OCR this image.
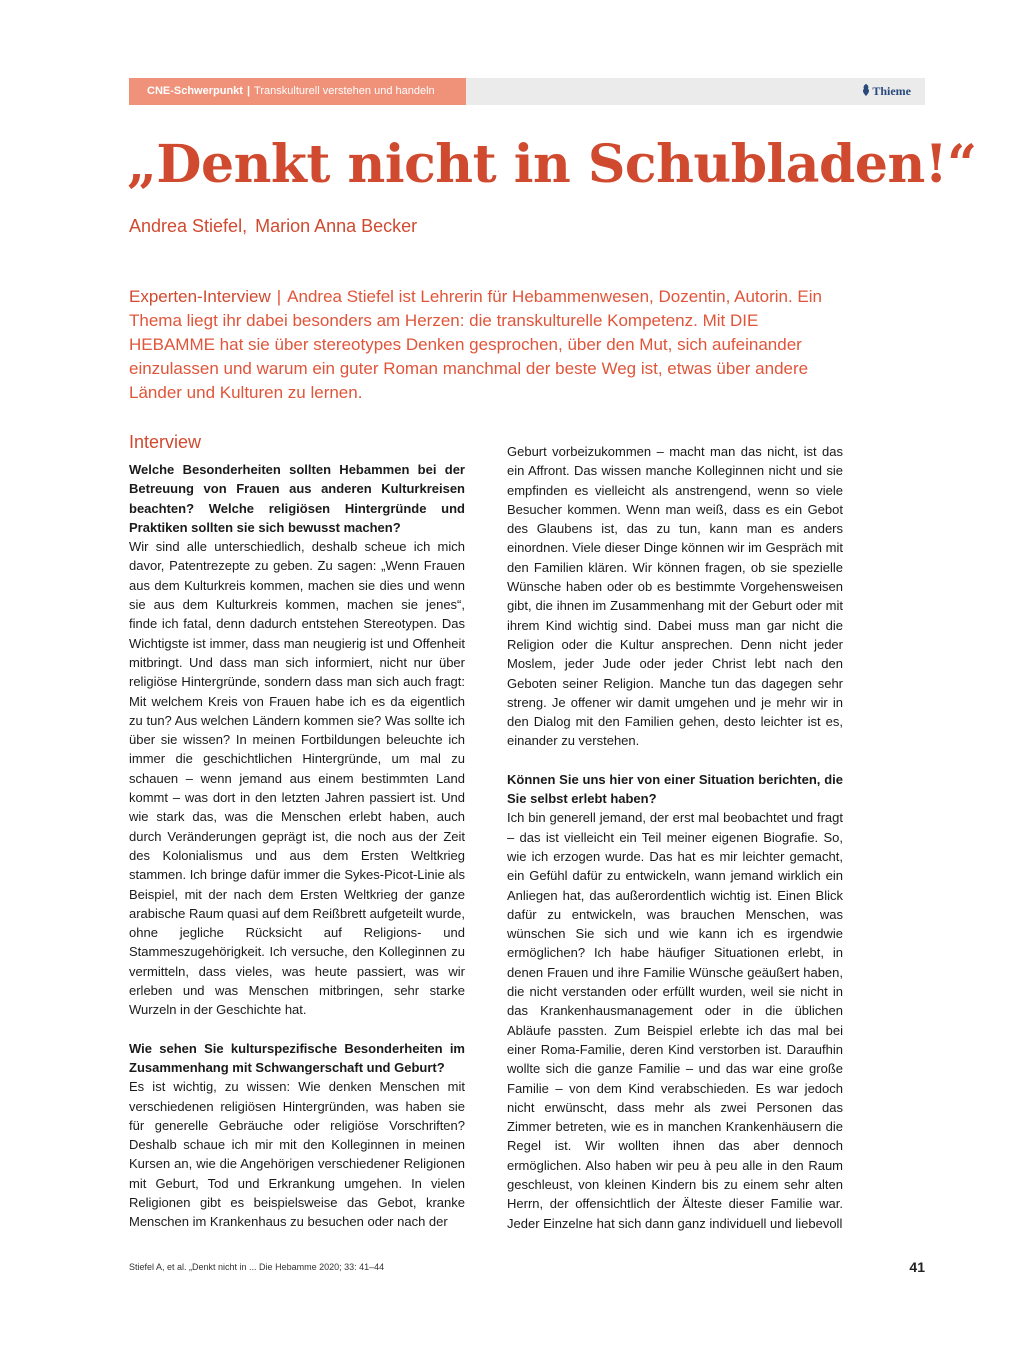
CNE-Schwerpunkt | Transkulturell verstehen und handeln	Thieme
„Denkt nicht in Schubladen!“
Andrea Stiefel, Marion Anna Becker
Experten-Interview | Andrea Stiefel ist Lehrerin für Hebammenwesen, Dozentin, Autorin. Ein Thema liegt ihr dabei besonders am Herzen: die transkulturelle Kompetenz. Mit DIE HEBAMME hat sie über stereotypes Denken gesprochen, über den Mut, sich aufeinander einzulassen und warum ein guter Roman manchmal der beste Weg ist, etwas über andere Länder und Kulturen zu lernen.
Interview

Welche Besonderheiten sollten Hebammen bei der Betreuung von Frauen aus anderen Kulturkreisen beachten? Welche religiösen Hintergründe und Praktiken sollten sie sich bewusst machen?

Wir sind alle unterschiedlich, deshalb scheue ich mich davor, Patentrezepte zu geben. Zu sagen: „Wenn Frauen aus dem Kulturkreis kommen, machen sie dies und wenn sie aus dem Kulturkreis kommen, machen sie jenes“, finde ich fatal, denn dadurch entstehen Stereotypen. Das Wichtigste ist immer, dass man neugierig ist und Offenheit mitbringt. Und dass man sich informiert, nicht nur über religiöse Hintergründe, sondern dass man sich auch fragt: Mit welchem Kreis von Frauen habe ich es da eigentlich zu tun? Aus welchen Ländern kommen sie? Was sollte ich über sie wissen? In meinen Fortbildungen beleuchte ich immer die geschichtlichen Hintergründe, um mal zu schauen – wenn jemand aus einem bestimmten Land kommt – was dort in den letzten Jahren passiert ist. Und wie stark das, was die Menschen erlebt haben, auch durch Veränderungen geprägt ist, die noch aus der Zeit des Kolonialismus und aus dem Ersten Weltkrieg stammen. Ich bringe dafür immer die Sykes-Picot-Linie als Beispiel, mit der nach dem Ersten Weltkrieg der ganze arabische Raum quasi auf dem Reißbrett aufgeteilt wurde, ohne jegliche Rücksicht auf Religions- und Stammeszugehörigkeit. Ich versuche, den Kolleginnen zu vermitteln, dass vieles, was heute passiert, was wir erleben und was Menschen mitbringen, sehr starke Wurzeln in der Geschichte hat.

Wie sehen Sie kulturspezifische Besonderheiten im Zusammenhang mit Schwangerschaft und Geburt?

Es ist wichtig, zu wissen: Wie denken Menschen mit verschiedenen religiösen Hintergründen, was haben sie für generelle Gebräuche oder religiöse Vorschriften? Deshalb schaue ich mir mit den Kolleginnen in meinen Kursen an, wie die Angehörigen verschiedener Religionen mit Geburt, Tod und Erkrankung umgehen. In vielen Religionen gibt es beispielsweise das Gebot, kranke Menschen im Krankenhaus zu besuchen oder nach der

Geburt vorbeizukommen – macht man das nicht, ist das ein Affront. Das wissen manche Kolleginnen nicht und sie empfinden es vielleicht als anstrengend, wenn so viele Besucher kommen. Wenn man weiß, dass es ein Gebot des Glaubens ist, das zu tun, kann man es anders einordnen. Viele dieser Dinge können wir im Gespräch mit den Familien klären. Wir können fragen, ob sie spezielle Wünsche haben oder ob es bestimmte Vorgehensweisen gibt, die ihnen im Zusammenhang mit der Geburt oder mit ihrem Kind wichtig sind. Dabei muss man gar nicht die Religion oder die Kultur ansprechen. Denn nicht jeder Moslem, jeder Jude oder jeder Christ lebt nach den Geboten seiner Religion. Manche tun das dagegen sehr streng. Je offener wir damit umgehen und je mehr wir in den Dialog mit den Familien gehen, desto leichter ist es, einander zu verstehen.

Können Sie uns hier von einer Situation berichten, die Sie selbst erlebt haben?

Ich bin generell jemand, der erst mal beobachtet und fragt – das ist vielleicht ein Teil meiner eigenen Biografie. So, wie ich erzogen wurde. Das hat es mir leichter gemacht, ein Gefühl dafür zu entwickeln, wann jemand wirklich ein Anliegen hat, das außerordentlich wichtig ist. Einen Blick dafür zu entwickeln, was brauchen Menschen, was wünschen Sie sich und wie kann ich es irgendwie ermöglichen? Ich habe häufiger Situationen erlebt, in denen Frauen und ihre Familie Wünsche geäußert haben, die nicht verstanden oder erfüllt wurden, weil sie nicht in das Krankenhausmanagement oder in die üblichen Abläufe passten. Zum Beispiel erlebte ich das mal bei einer Roma-Familie, deren Kind verstorben ist. Daraufhin wollte sich die ganze Familie – und das war eine große Familie – von dem Kind verabschieden. Es war jedoch nicht erwünscht, dass mehr als zwei Personen das Zimmer betreten, wie es in manchen Krankenhäusern die Regel ist. Wir wollten ihnen das aber dennoch ermöglichen. Also haben wir peu à peu alle in den Raum geschleust, von kleinen Kindern bis zu einem sehr alten Herrn, der offensichtlich der Älteste dieser Familie war. Jeder Einzelne hat sich dann ganz individuell und liebevoll

Stiefel A, et al. „Denkt nicht in ... Die Hebamme 2020; 33: 41–44	41
